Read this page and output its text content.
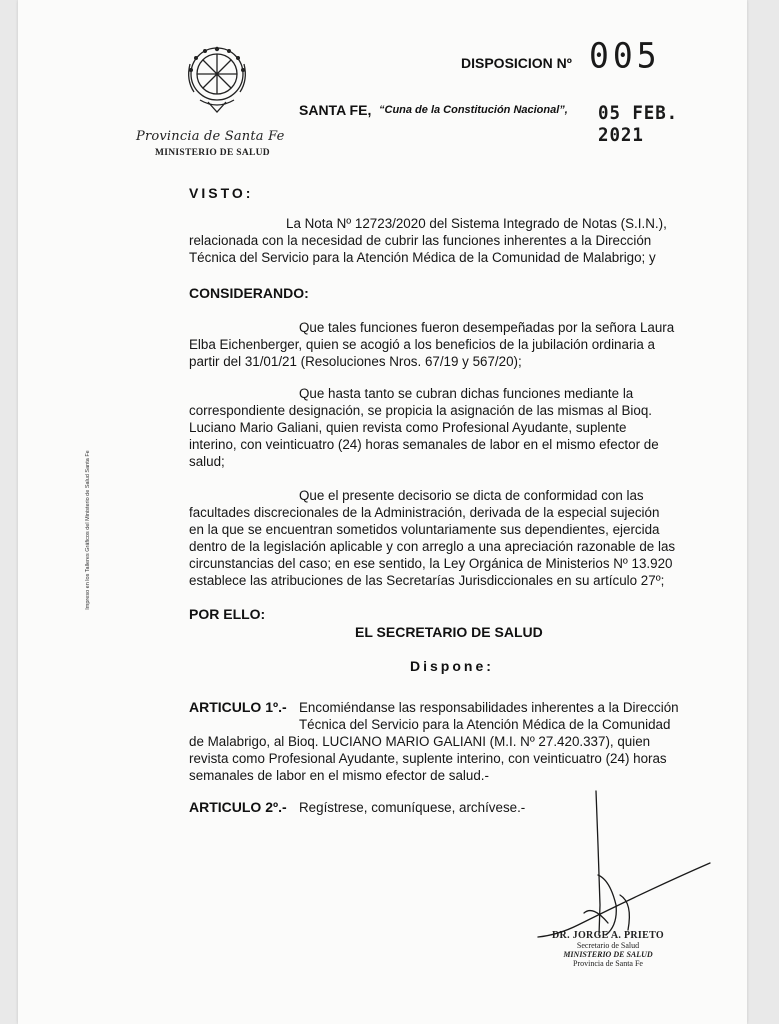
Provincia de Santa Fe
MINISTERIO DE SALUD
DISPOSICION Nº 005
SANTA FE, “Cuna de la Constitución Nacional”, 05 FEB. 2021
VISTO:
La Nota Nº 12723/2020 del Sistema Integrado de Notas (S.I.N.),
relacionada con la necesidad de cubrir las funciones inherentes a la Dirección
Técnica del Servicio para la Atención Médica de la Comunidad de Malabrigo; y
CONSIDERANDO:
Que tales funciones fueron desempeñadas por la señora Laura
Elba Eichenberger, quien se acogió a los beneficios de la jubilación ordinaria a
partir del 31/01/21 (Resoluciones Nros. 67/19 y 567/20);
Que hasta tanto se cubran dichas funciones mediante la
correspondiente designación, se propicia la asignación de las mismas al Bioq.
Luciano Mario Galiani, quien revista como Profesional Ayudante, suplente
interino, con veinticuatro (24) horas semanales de labor en el mismo efector de
salud;
Que el presente decisorio se dicta de conformidad con las
facultades discrecionales de la Administración, derivada de la especial sujeción
en la que se encuentran sometidos voluntariamente sus dependientes, ejercida
dentro de la legislación aplicable y con arreglo a una apreciación razonable de las
circunstancias del caso; en ese sentido, la Ley Orgánica de Ministerios Nº 13.920
establece las atribuciones de las Secretarías Jurisdiccionales en su artículo 27º;
POR ELLO:
EL SECRETARIO DE SALUD
Dispone:
ARTICULO 1º.- Encomiéndanse las responsabilidades inherentes a la Dirección
Técnica del Servicio para la Atención Médica de la Comunidad
de Malabrigo, al Bioq. LUCIANO MARIO GALIANI (M.I. Nº 27.420.337), quien
revista como Profesional Ayudante, suplente interino, con veinticuatro (24) horas
semanales de labor en el mismo efector de salud.-
ARTICULO 2º.- Regístrese, comuníquese, archívese.-
Impreso en los Talleres Gráficos del Ministerio de Salud Santa Fe
DR. JORGE A. PRIETO
Secretario de Salud
MINISTERIO DE SALUD
Provincia de Santa Fe
